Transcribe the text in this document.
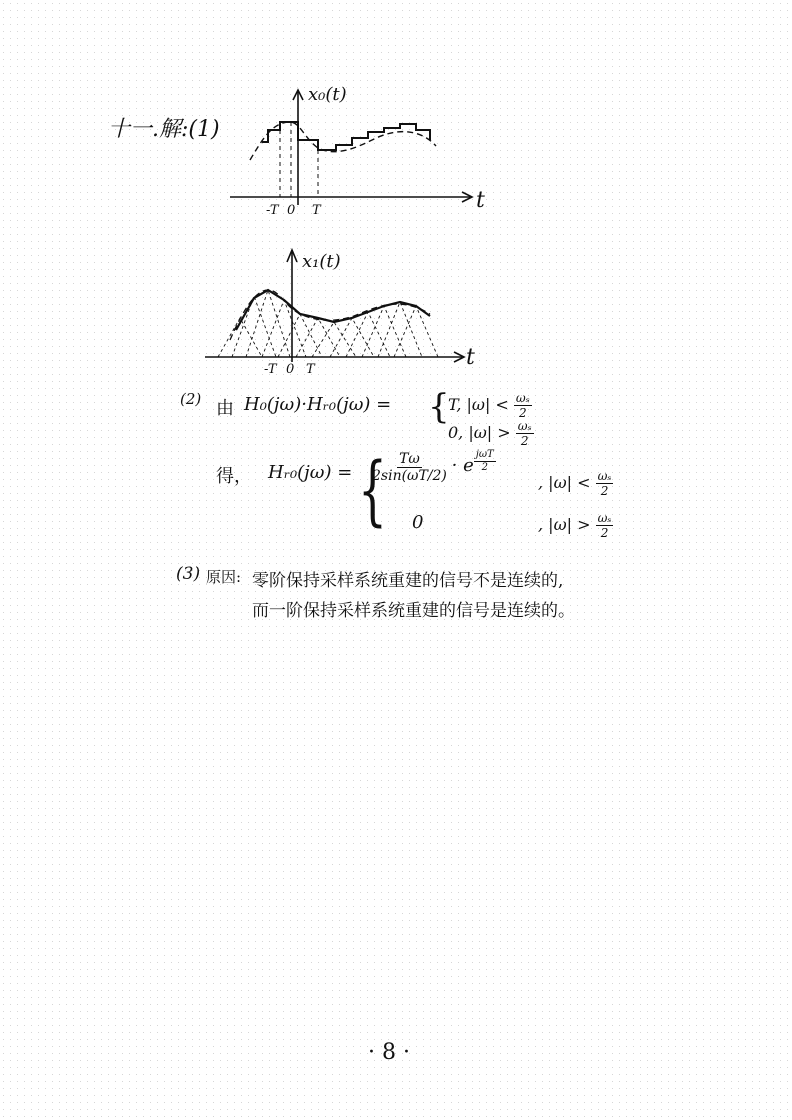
十一.解:(1)
x₀(t)
t
-T 0 T
x₁(t)
t
-T 0 T
(2) 由 H₀(jω)·Hᵣ₀(jω) = {
T, $|\omega| < \frac{\text{ωₛ}}{2}$
0, $|\omega| > \frac{\text{ωₛ}}{2}$
得， Hᵣ₀(jω) = {
$\frac{T\omega}{2\sin(\omega T/2)} \cdot e \frac{\text{jωT}}{2}$
, $|\omega| < \frac{\text{ωₛ}}{2}$
0	, $|\omega| > \frac{\text{ωₛ}}{2}$
(3) 原因: 零阶保持采样系统重建的信号不是连续的,
而一阶保持采样系统重建的信号是连续的。
· 8 ·
